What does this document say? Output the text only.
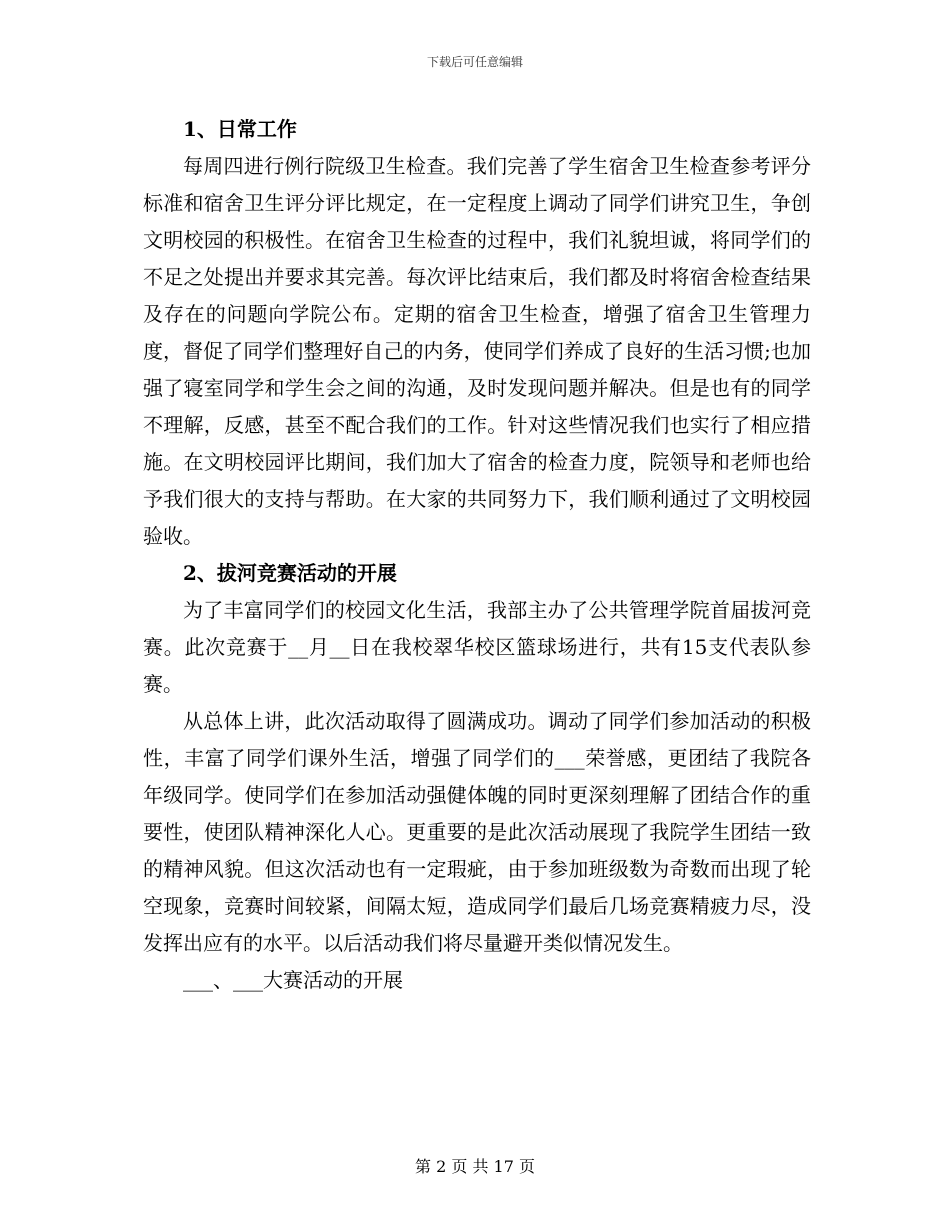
下载后可任意编辑

1、日常工作

每周四进行例行院级卫生检查。我们完善了学生宿舍卫生检查参考评分标准和宿舍卫生评分评比规定，在一定程度上调动了同学们讲究卫生，争创文明校园的积极性。在宿舍卫生检查的过程中，我们礼貌坦诚，将同学们的不足之处提出并要求其完善。每次评比结束后，我们都及时将宿舍检查结果及存在的问题向学院公布。定期的宿舍卫生检查，增强了宿舍卫生管理力度，督促了同学们整理好自己的内务，使同学们养成了良好的生活习惯;也加强了寝室同学和学生会之间的沟通，及时发现问题并解决。但是也有的同学不理解，反感，甚至不配合我们的工作。针对这些情况我们也实行了相应措施。在文明校园评比期间，我们加大了宿舍的检查力度，院领导和老师也给予我们很大的支持与帮助。在大家的共同努力下，我们顺利通过了文明校园验收。

2、拔河竞赛活动的开展

为了丰富同学们的校园文化生活，我部主办了公共管理学院首届拔河竞赛。此次竞赛于__月__日在我校翠华校区篮球场进行，共有15支代表队参赛。

从总体上讲，此次活动取得了圆满成功。调动了同学们参加活动的积极性，丰富了同学们课外生活，增强了同学们的___荣誉感，更团结了我院各年级同学。使同学们在参加活动强健体魄的同时更深刻理解了团结合作的重要性，使团队精神深化人心。更重要的是此次活动展现了我院学生团结一致的精神风貌。但这次活动也有一定瑕疵，由于参加班级数为奇数而出现了轮空现象，竞赛时间较紧，间隔太短，造成同学们最后几场竞赛精疲力尽，没发挥出应有的水平。以后活动我们将尽量避开类似情况发生。

___、___大赛活动的开展

第 2 页 共 17 页
